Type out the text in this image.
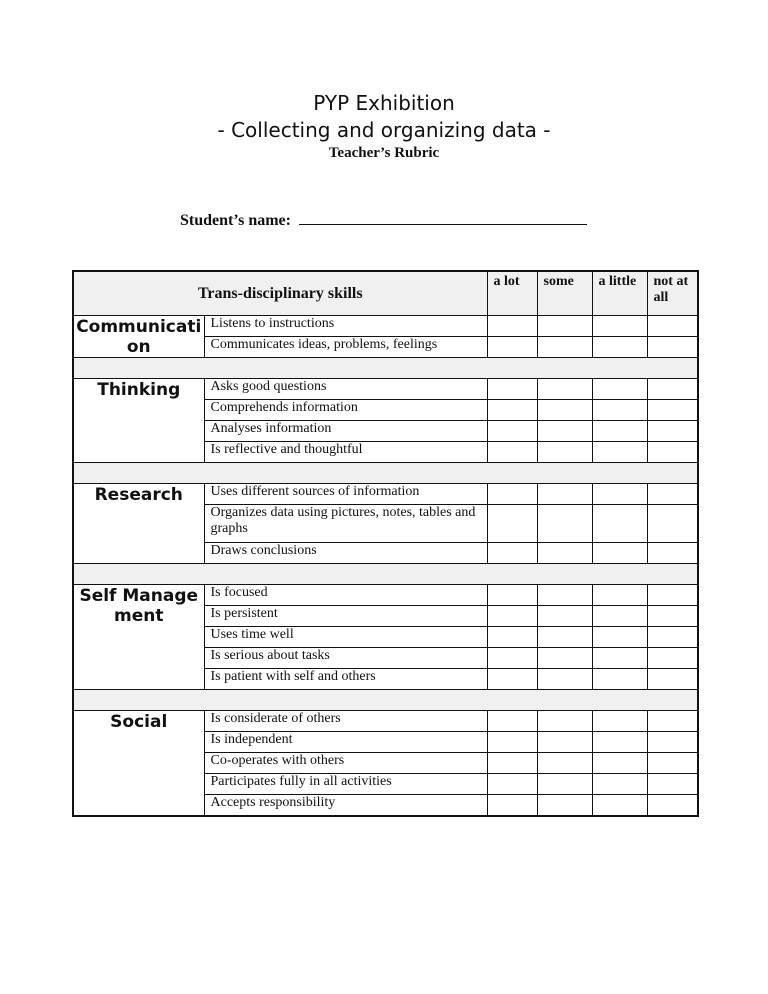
PYP Exhibition
- Collecting and organizing data -
Teacher’s Rubric
Student’s name:
Trans-disciplinary skills		a lot	some	a little	not at all
Communication	Listens to instructions				
	Communicates ideas, problems, feelings				

Thinking	Asks good questions				
	Comprehends information				
	Analyses information				
	Is reflective and thoughtful				

Research	Uses different sources of information				
	Organizes data using pictures, notes, tables and graphs				
	Draws conclusions				

Self Management	Is focused				
	Is persistent				
	Uses time well				
	Is serious about tasks				
	Is patient with self and others				

Social	Is considerate of others				
	Is independent				
	Co-operates with others				
	Participates fully in all activities				
	Accepts responsibility				
